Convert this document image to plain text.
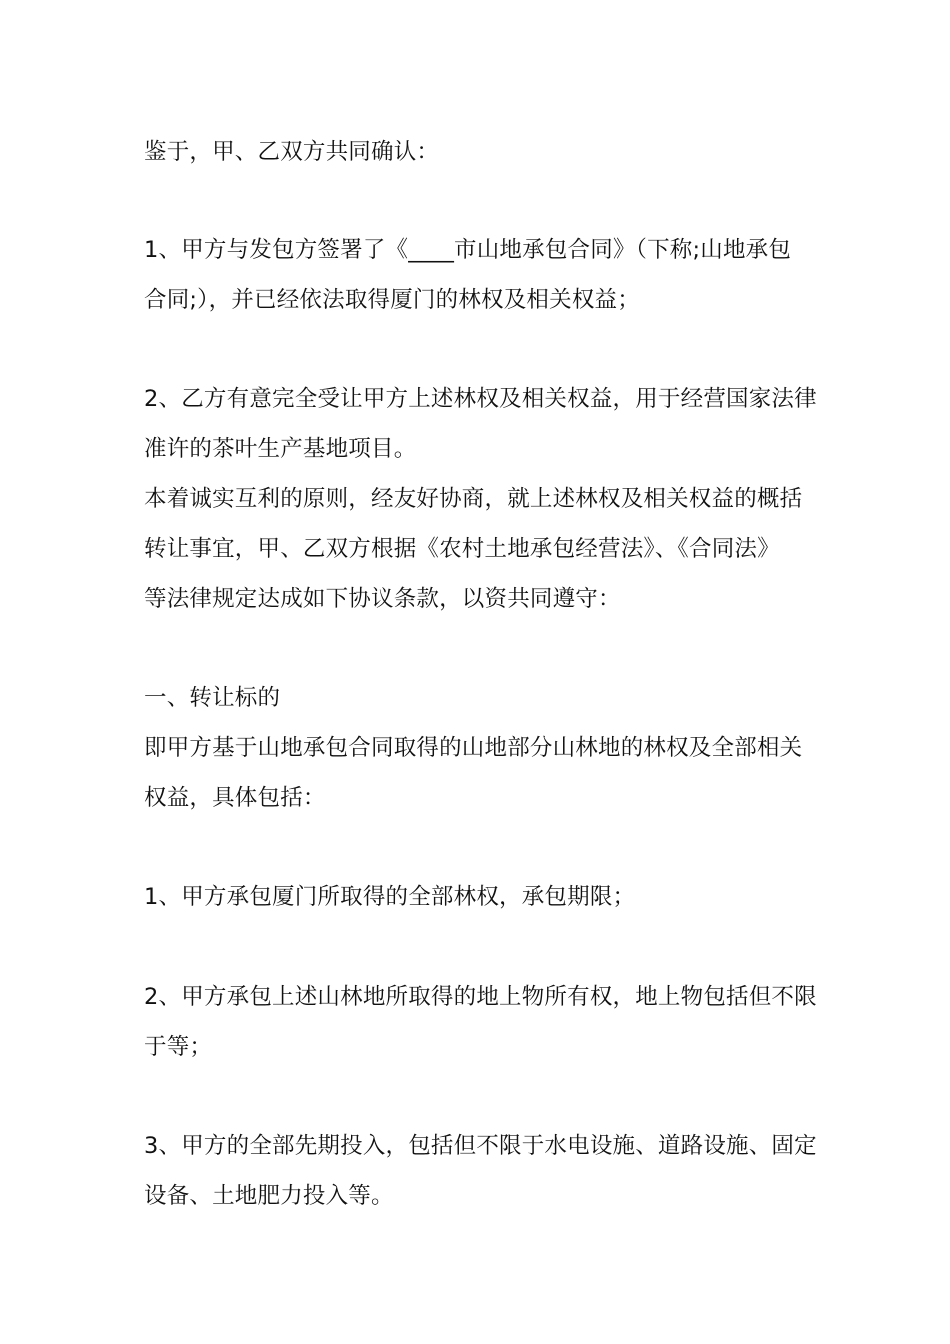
鉴于，甲、乙双方共同确认：
1、甲方与发包方签署了《____市山地承包合同》（下称;山地承包
合同;），并已经依法取得厦门的林权及相关权益；
2、乙方有意完全受让甲方上述林权及相关权益，用于经营国家法律
准许的茶叶生产基地项目。
本着诚实互利的原则，经友好协商，就上述林权及相关权益的概括
转让事宜，甲、乙双方根据《农村土地承包经营法》、《合同法》
等法律规定达成如下协议条款，以资共同遵守：
一、转让标的
即甲方基于山地承包合同取得的山地部分山林地的林权及全部相关
权益，具体包括：
1、甲方承包厦门所取得的全部林权，承包期限；
2、甲方承包上述山林地所取得的地上物所有权，地上物包括但不限
于等；
3、甲方的全部先期投入，包括但不限于水电设施、道路设施、固定
设备、土地肥力投入等。
